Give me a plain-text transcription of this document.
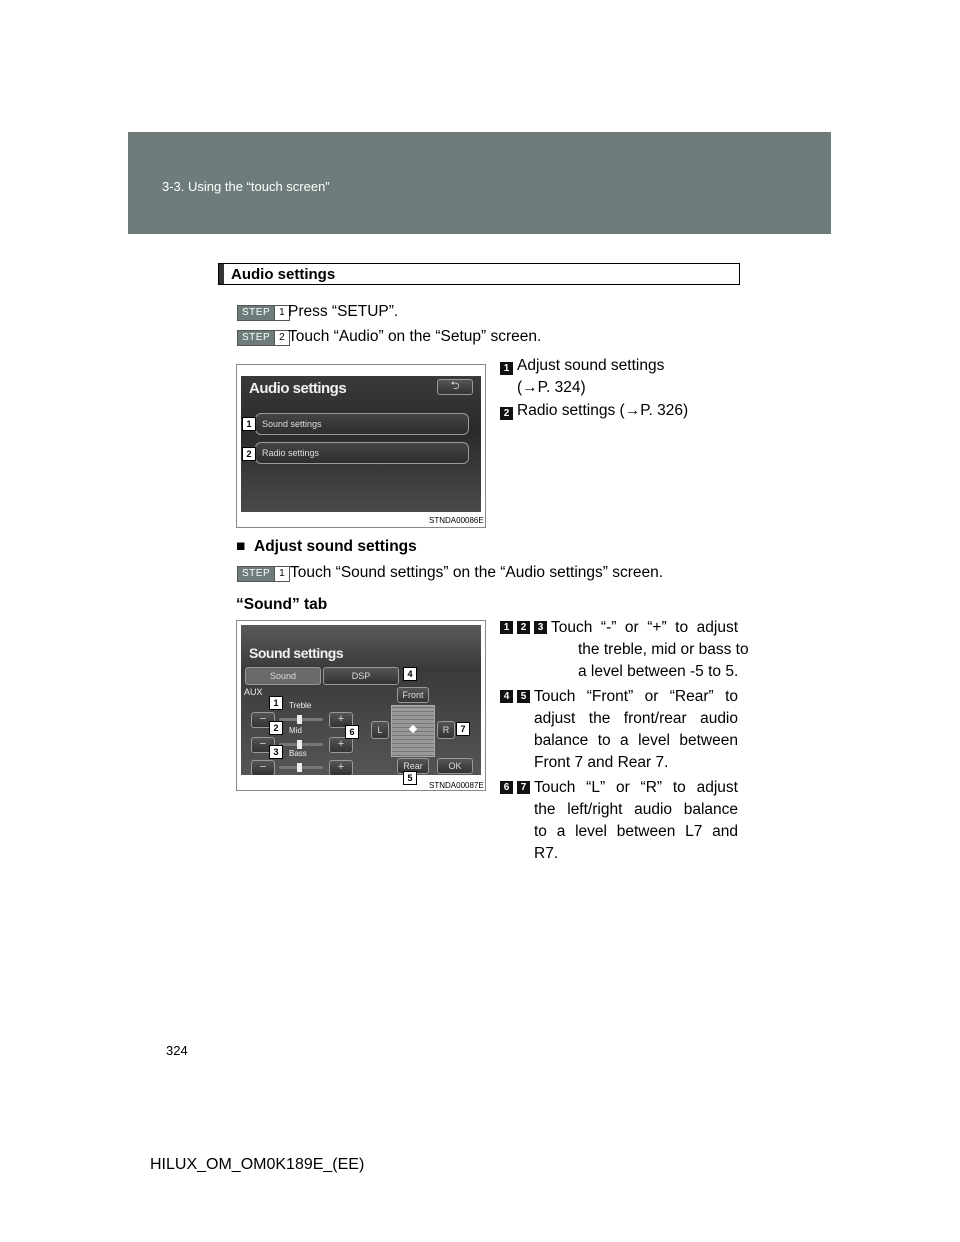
3-3. Using the “touch screen”
Audio settings
STEP 1 Press “SETUP”.
STEP 2 Touch “Audio” on the “Setup” screen.
Audio settings	⮌
Sound settings
Radio settings
1
2
STNDA00086E
1 Adjust sound settings
(→P. 324)
2 Radio settings (→P. 326)
■ Adjust sound settings
STEP 1 Touch “Sound settings” on the “Audio settings” screen.
“Sound” tab
Sound settings
Sound	DSP
AUX
Treble
−	+
Mid
−	+
Bass
−	+
Front
L	R
Rear	OK
4
1
2	6	7
3
5
STNDA00087E
1	2	3 Touch “-” or “+” to adjust
the treble, mid or bass to
a level between -5 to 5.
4	5 Touch “Front” or “Rear” to
adjust the front/rear audio
balance to a level between
Front 7 and Rear 7.
6	7 Touch “L” or “R” to adjust
the left/right audio balance
to a level between L7 and
R7.
324
HILUX_OM_OM0K189E_(EE)
